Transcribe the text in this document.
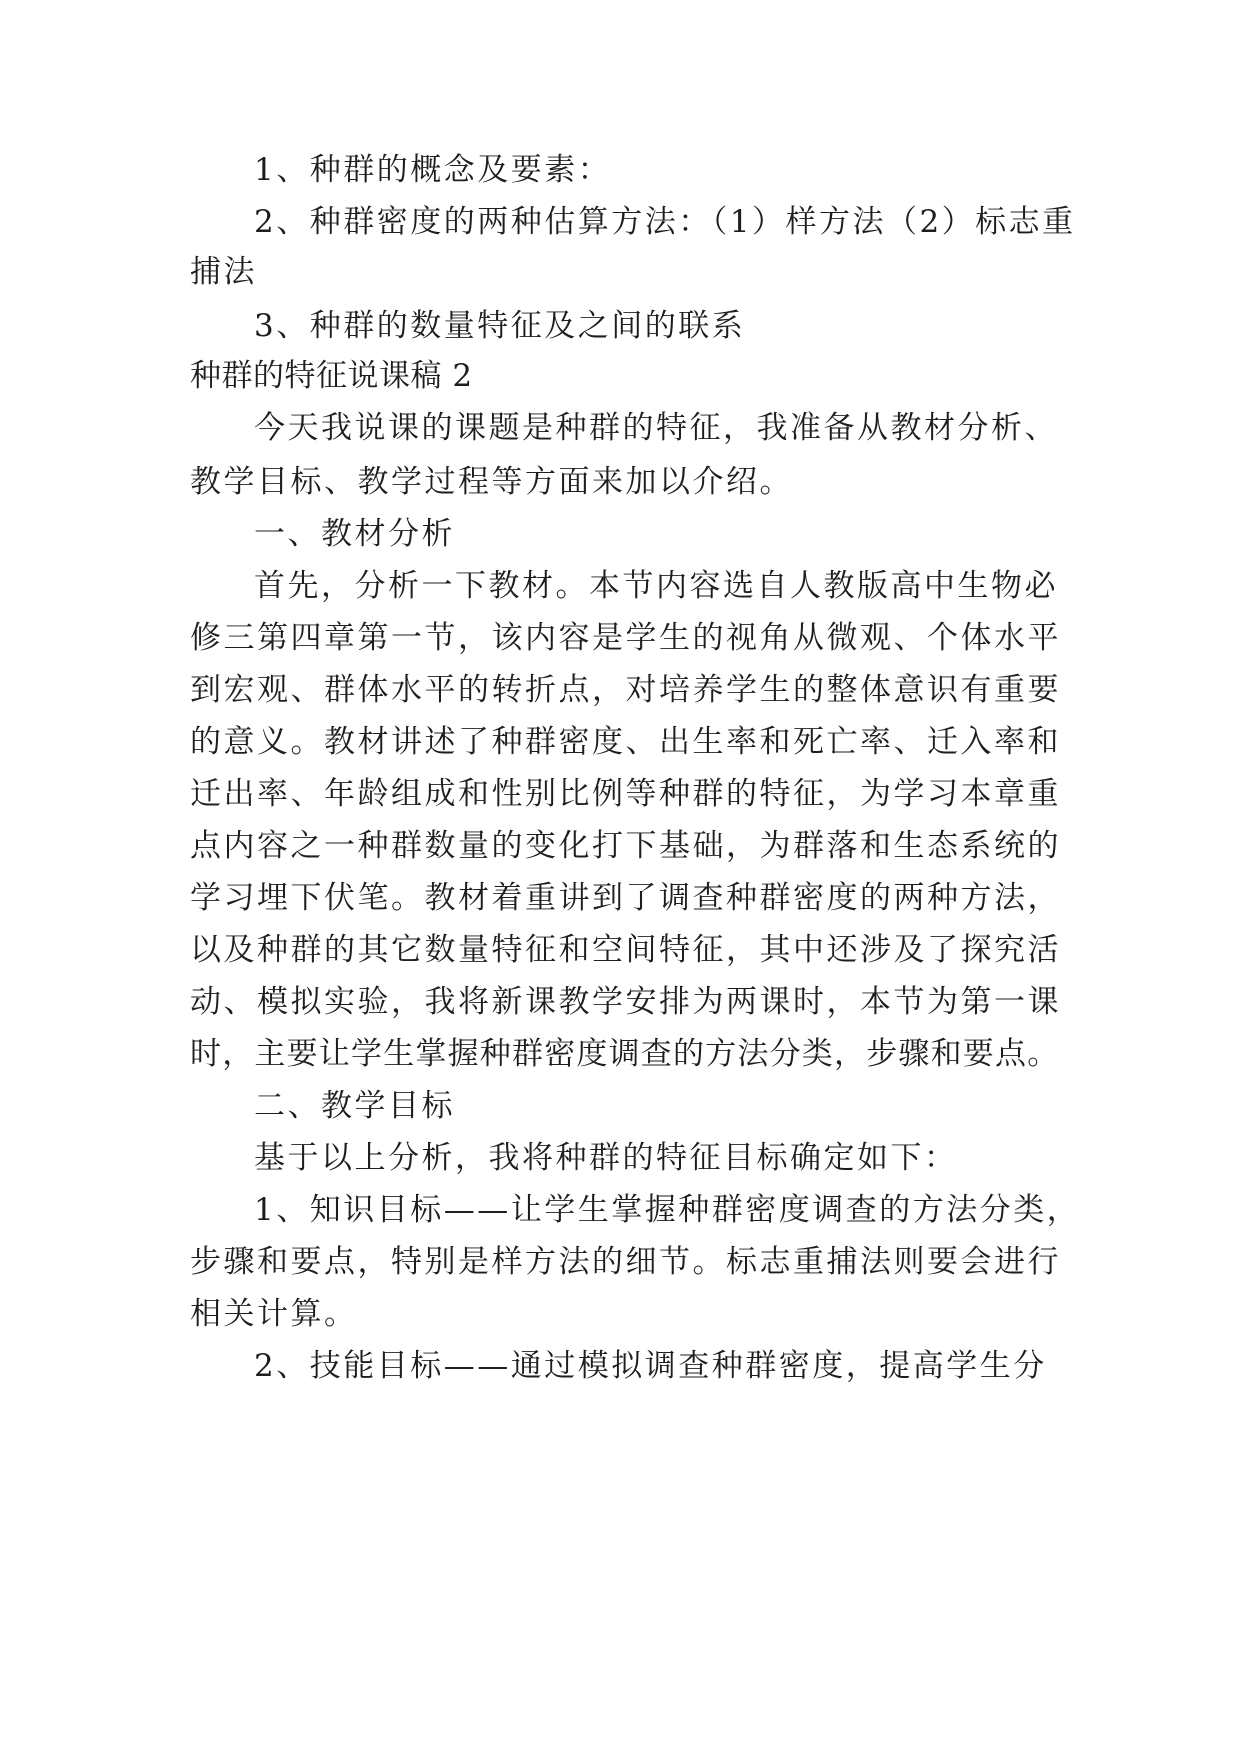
1、种群的概念及要素：

2、种群密度的两种估算方法：（1）样方法（2）标志重

捕法

3、种群的数量特征及之间的联系

种群的特征说课稿 2

今天我说课的课题是种群的特征，我准备从教材分析、

教学目标、教学过程等方面来加以介绍。

一、教材分析

首先，分析一下教材。本节内容选自人教版高中生物必

修三第四章第一节，该内容是学生的视角从微观、个体水平

到宏观、群体水平的转折点，对培养学生的整体意识有重要

的意义。教材讲述了种群密度、出生率和死亡率、迁入率和

迁出率、年龄组成和性别比例等种群的特征，为学习本章重

点内容之一种群数量的变化打下基础，为群落和生态系统的

学习埋下伏笔。教材着重讲到了调查种群密度的两种方法，

以及种群的其它数量特征和空间特征，其中还涉及了探究活

动、模拟实验，我将新课教学安排为两课时，本节为第一课

时，主要让学生掌握种群密度调查的方法分类，步骤和要点。

二、教学目标

基于以上分析，我将种群的特征目标确定如下：

1、知识目标——让学生掌握种群密度调查的方法分类，

步骤和要点，特别是样方法的细节。标志重捕法则要会进行

相关计算。

2、技能目标——通过模拟调查种群密度，提高学生分
